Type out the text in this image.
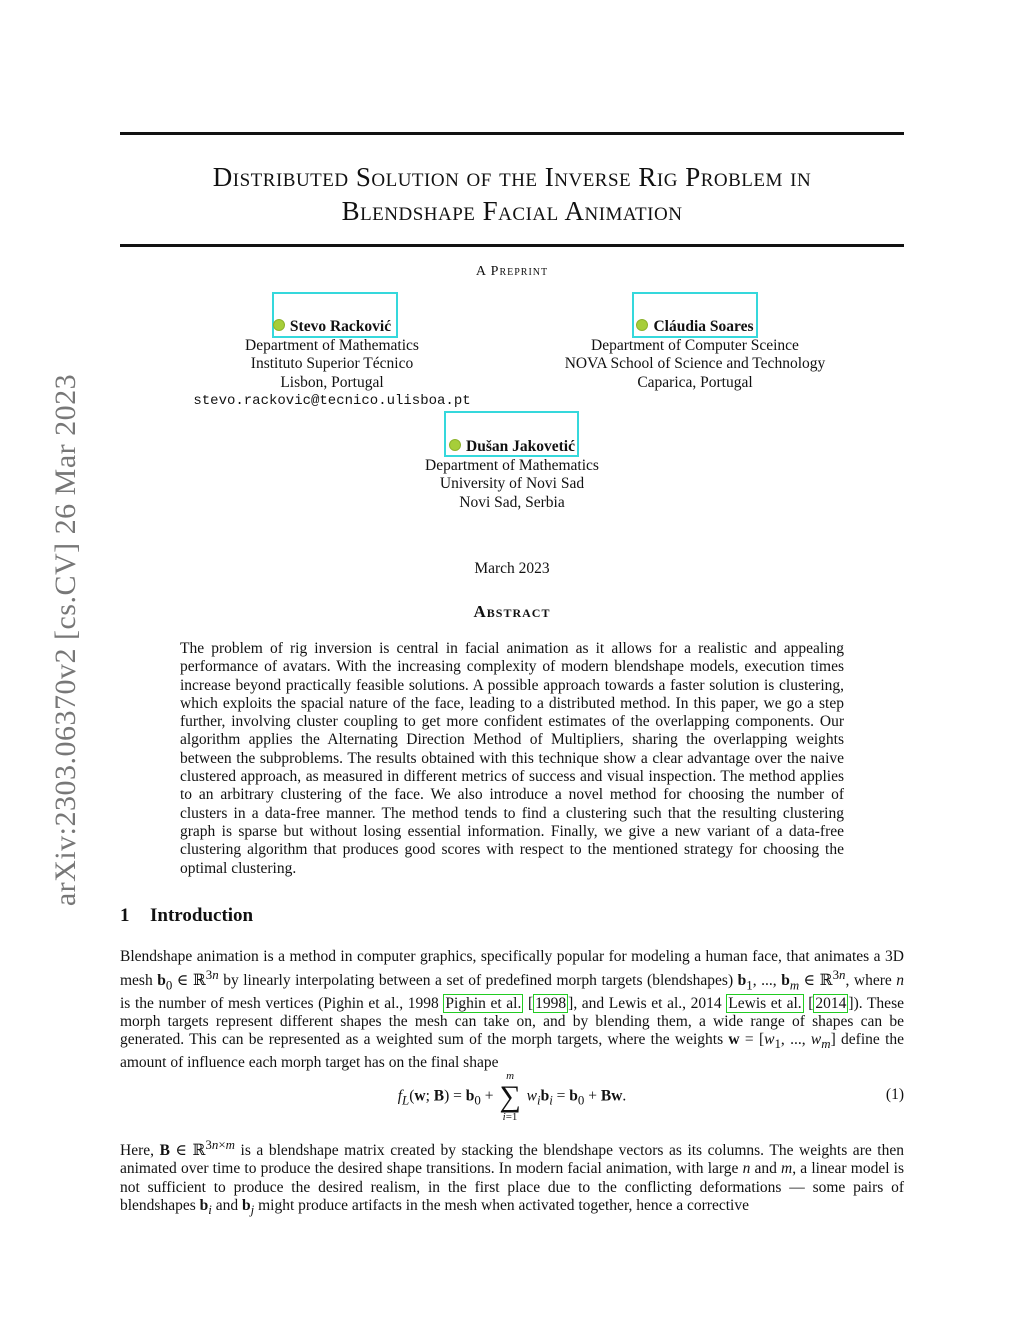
arXiv:2303.06370v2 [cs.CV] 26 Mar 2023
Distributed Solution of the Inverse Rig Problem in
Blendshape Facial Animation
A Preprint
Stevo Racković
Department of Mathematics
Instituto Superior Técnico
Lisbon, Portugal
stevo.rackovic@tecnico.ulisboa.pt
Cláudia Soares
Department of Computer Sceince
NOVA School of Science and Technology
Caparica, Portugal
Dušan Jakovetić
Department of Mathematics
University of Novi Sad
Novi Sad, Serbia
March 2023
Abstract
The problem of rig inversion is central in facial animation as it allows for a realistic and appealing performance of avatars. With the increasing complexity of modern blendshape models, execution times increase beyond practically feasible solutions. A possible approach towards a faster solution is clustering, which exploits the spacial nature of the face, leading to a distributed method. In this paper, we go a step further, involving cluster coupling to get more confident estimates of the overlapping components. Our algorithm applies the Alternating Direction Method of Multipliers, sharing the overlapping weights between the subproblems. The results obtained with this technique show a clear advantage over the naive clustered approach, as measured in different metrics of success and visual inspection. The method applies to an arbitrary clustering of the face. We also introduce a novel method for choosing the number of clusters in a data-free manner. The method tends to find a clustering such that the resulting clustering graph is sparse but without losing essential information. Finally, we give a new variant of a data-free clustering algorithm that produces good scores with respect to the mentioned strategy for choosing the optimal clustering.
1 Introduction
Blendshape animation is a method in computer graphics, specifically popular for modeling a human face, that animates a 3D mesh $b_0$ ∈ ℝ$^{3n}$ by linearly interpolating between a set of predefined morph targets (blendshapes) $b_1$, ..., $b_m$ ∈ ℝ$^{3n}$, where n is the number of mesh vertices (Pighin et al., 1998 Pighin et al. [ 1998 ], and Lewis et al., 2014 Lewis et al. [ 2014 ]). These morph targets represent different shapes the mesh can take on, and by blending them, a wide range of shapes can be generated. This can be represented as a weighted sum of the morph targets, where the weights $w = [w_1$, ..., $w_m$] define the amount of influence each morph target has on the final shape
$f_L(w$; $B) = b_0$ +
m
∑
i=1
$w_ib_i = b_0 + Bw$.	(1)
Here, B ∈ ℝ$^{3n\times m}$ is a blendshape matrix created by stacking the blendshape vectors as its columns. The weights are then animated over time to produce the desired shape transitions. In modern facial animation, with large n and m, a linear model is not sufficient to produce the desired realism, in the first place due to the conflicting deformations — some pairs of blendshapes $b_i$ and $b_j$ might produce artifacts in the mesh when activated together, hence a corrective
